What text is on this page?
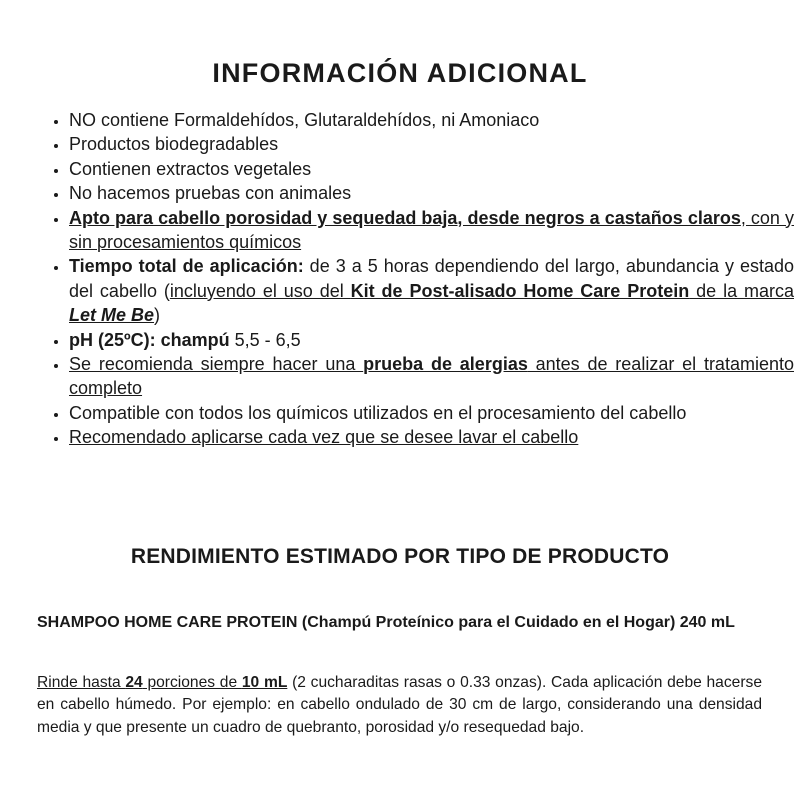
INFORMACIÓN ADICIONAL
• NO contiene Formaldehídos, Glutaraldehídos, ni Amoniaco
• Productos biodegradables
• Contienen extractos vegetales
• No hacemos pruebas con animales
• Apto para cabello porosidad y sequedad baja, desde negros a castaños claros, con y sin procesamientos químicos
• Tiempo total de aplicación: de 3 a 5 horas dependiendo del largo, abundancia y estado del cabello (incluyendo el uso del Kit de Post-alisado Home Care Protein de la marca Let Me Be)
• pH (25ºC): champú 5,5 - 6,5
• Se recomienda siempre hacer una prueba de alergias antes de realizar el tratamiento completo
• Compatible con todos los químicos utilizados en el procesamiento del cabello
• Recomendado aplicarse cada vez que se desee lavar el cabello
RENDIMIENTO ESTIMADO POR TIPO DE PRODUCTO

SHAMPOO HOME CARE PROTEIN (Champú Proteínico para el Cuidado en el Hogar) 240 mL

Rinde hasta 24 porciones de 10 mL (2 cucharaditas rasas o 0.33 onzas). Cada aplicación debe hacerse en cabello húmedo. Por ejemplo: en cabello ondulado de 30 cm de largo, considerando una densidad media y que presente un cuadro de quebranto, porosidad y/o resequedad bajo.
